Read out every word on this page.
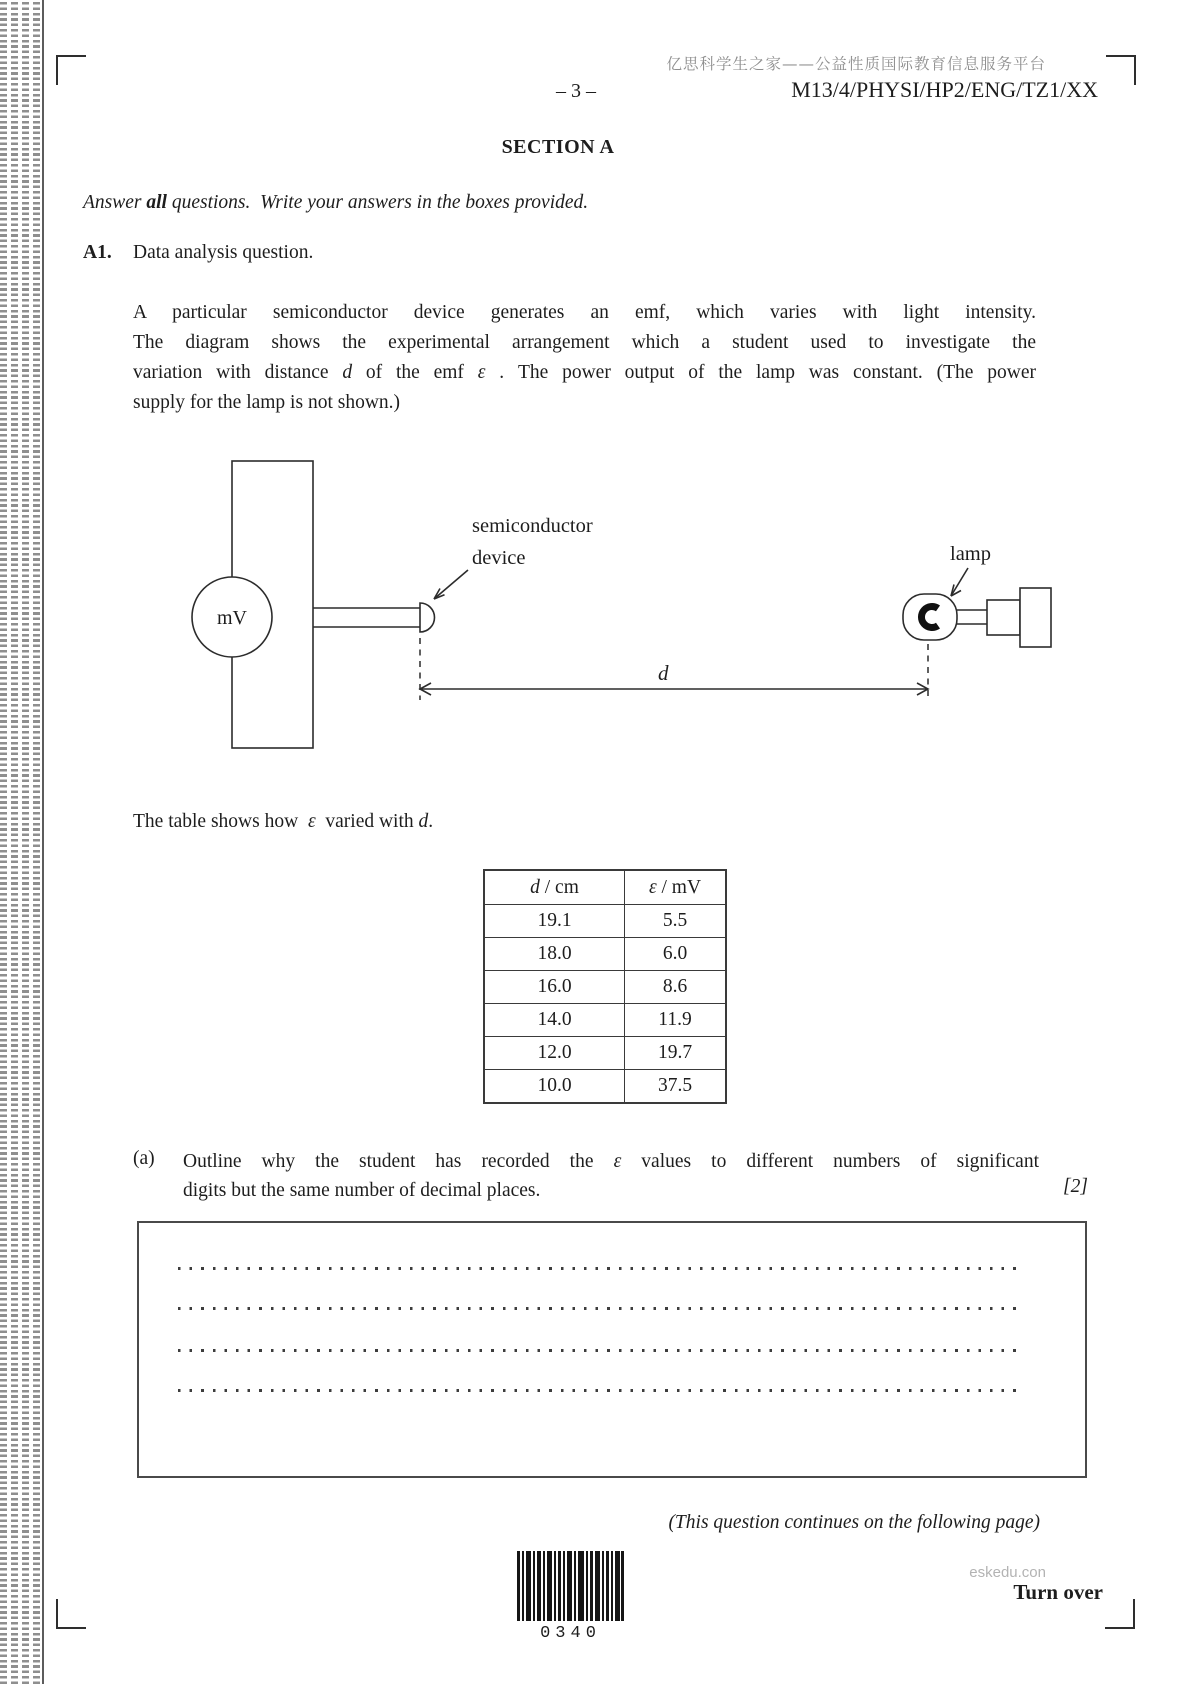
亿思科学生之家——公益性质国际教育信息服务平台
– 3 –	M13/4/PHYSI/HP2/ENG/TZ1/XX
SECTION A
Answer all questions.  Write your answers in the boxes provided.
A1. Data analysis question.
A particular semiconductor device generates an emf, which varies with light intensity.
The diagram shows the experimental arrangement which a student used to investigate the
variation with distance d of the emf ε . The power output of the lamp was constant. (The power
supply for the lamp is not shown.)
mV
d
semiconductor
device	lamp
The table shows how  ε  varied with d.
d / cm	ε / mV
19.1	5.5
18.0	6.0
16.0	8.6
14.0	11.9
12.0	19.7
10.0	37.5
(a) Outline why the student has recorded the ε values to different numbers of significant
digits but the same number of decimal places.	[2]
(This question continues on the following page)
0340
eskedu.con
Turn over
